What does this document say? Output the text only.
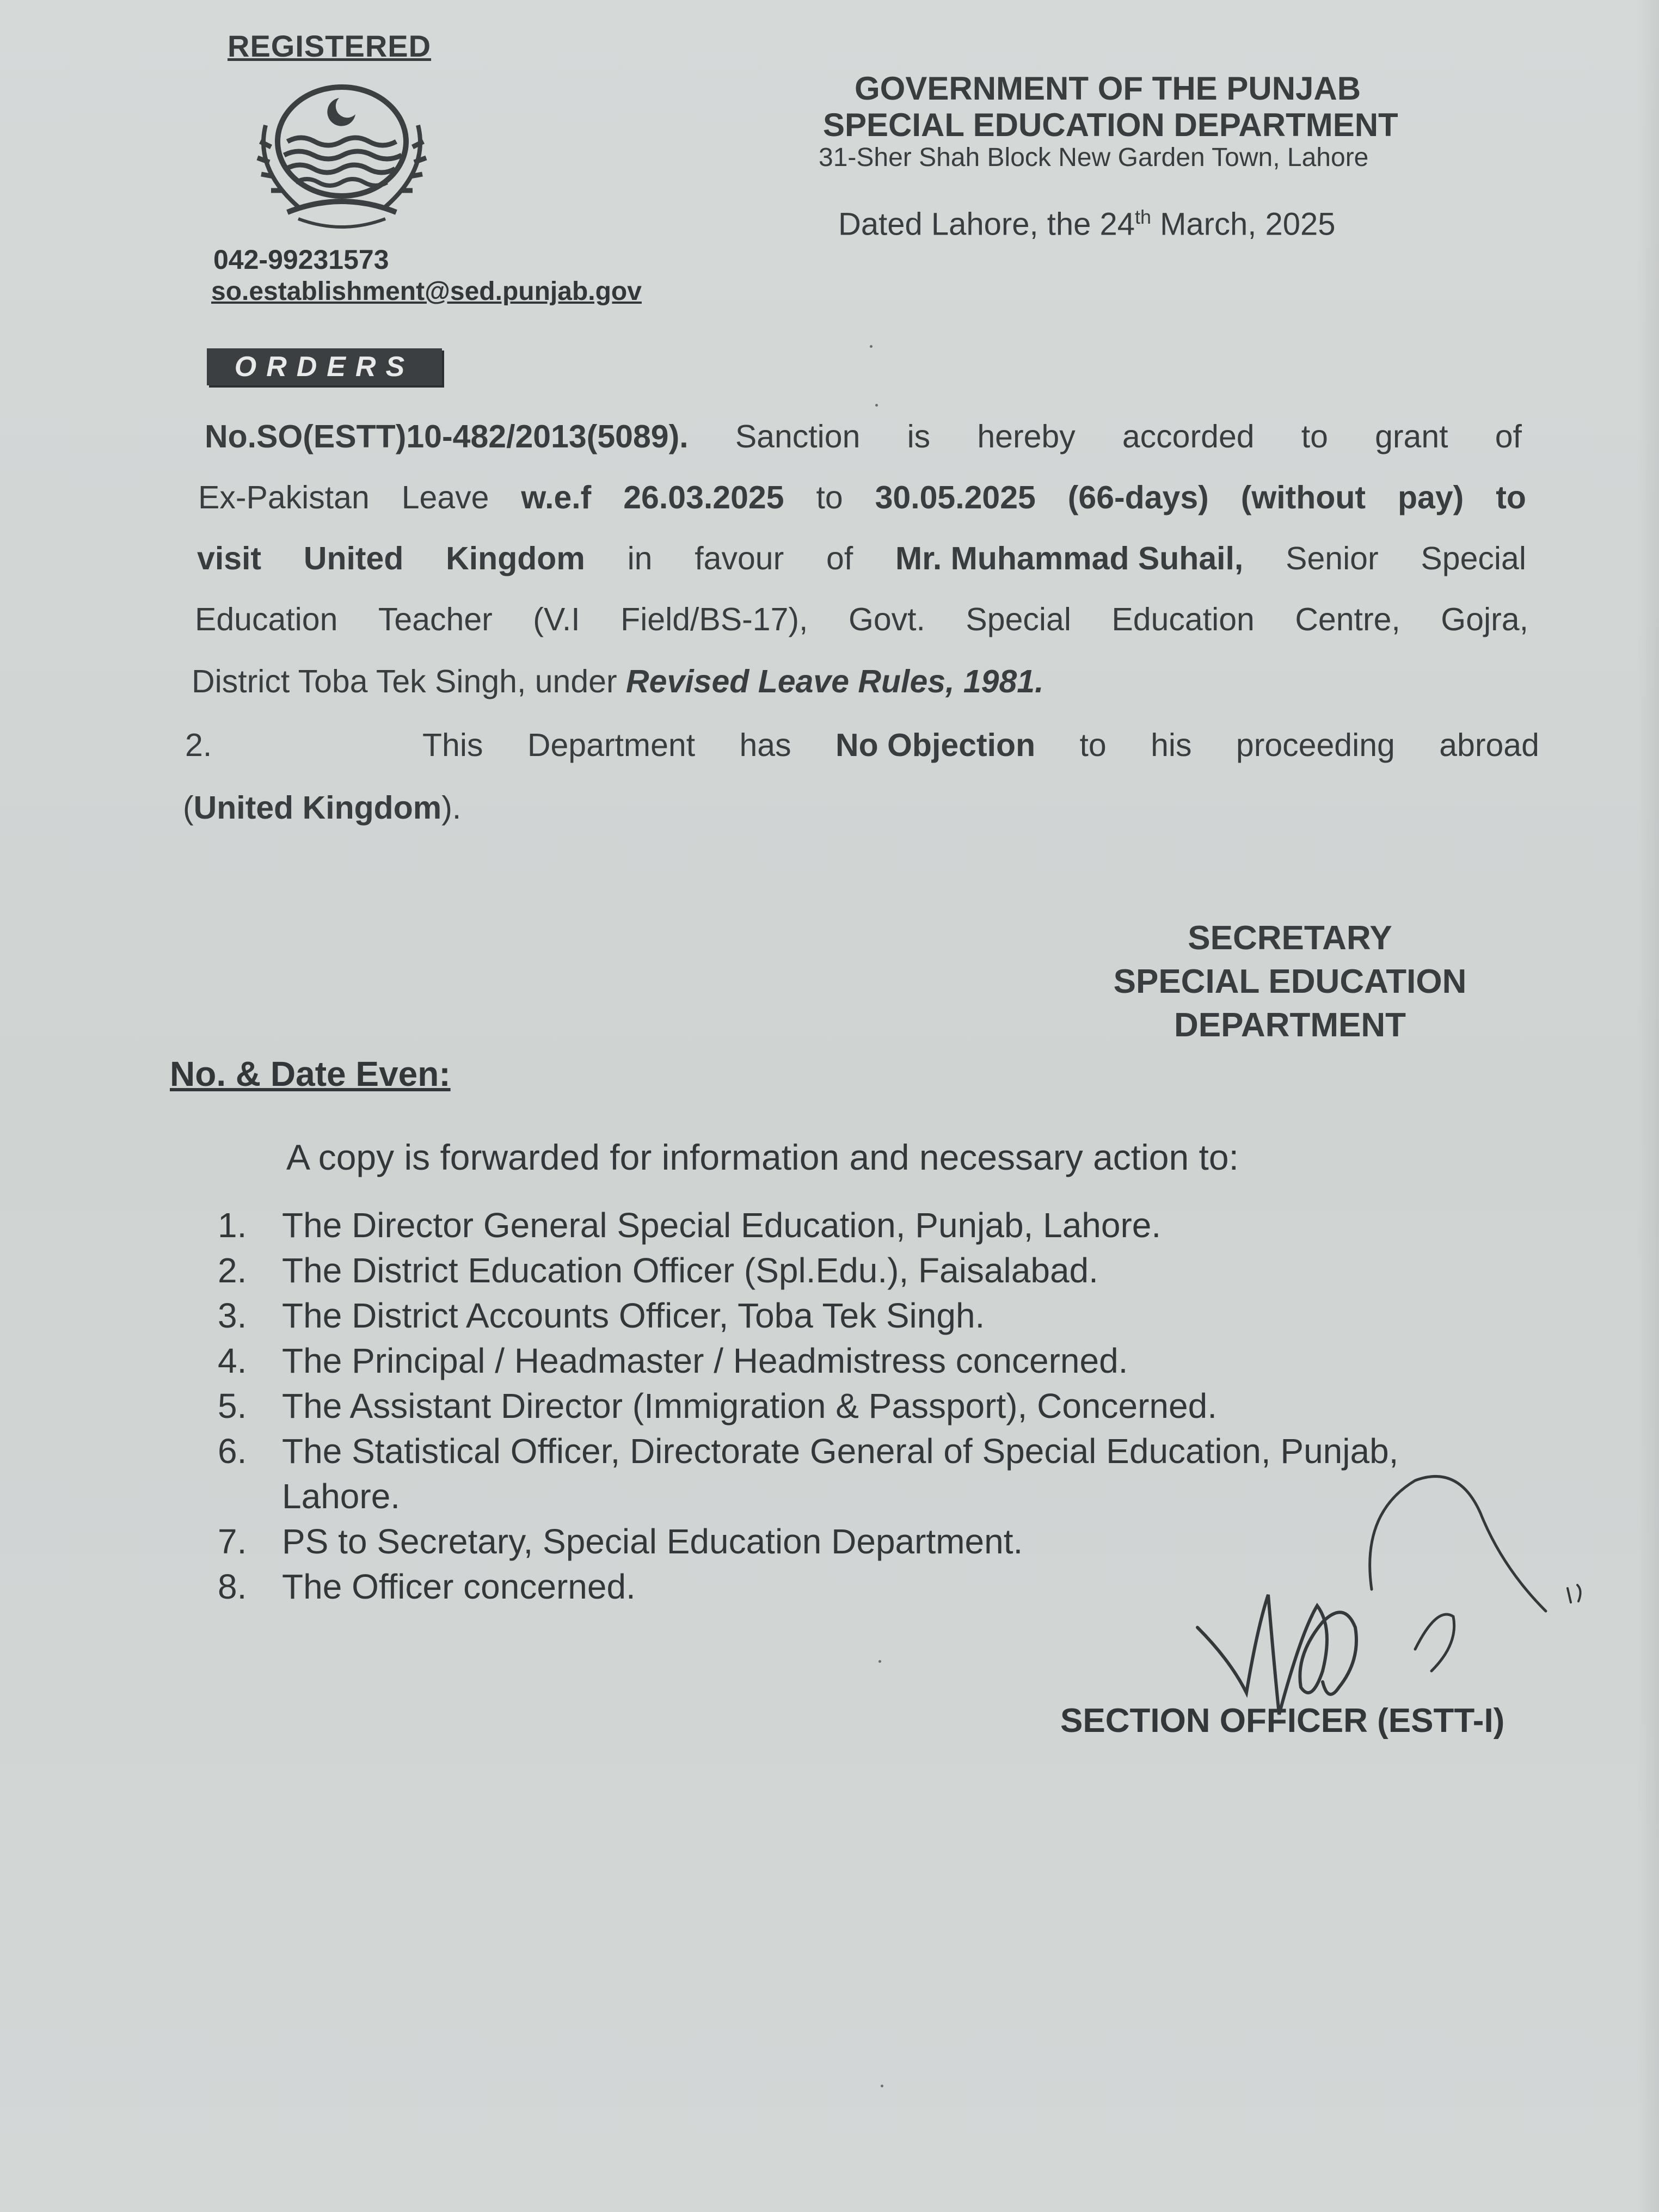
REGISTERED
042-99231573
so.establishment@sed.punjab.gov
GOVERNMENT OF THE PUNJAB
SPECIAL EDUCATION DEPARTMENT
31-Sher Shah Block New Garden Town, Lahore
Dated Lahore, the 24th March, 2025
ORDERS
No.SO(ESTT)10-482/2013(5089). Sanction is hereby accorded to grant of
Ex-Pakistan Leave w.e.f 26.03.2025 to 30.05.2025 (66-days) (without pay) to
visit United Kingdom in favour of Mr. Muhammad Suhail, Senior Special
Education Teacher (V.I Field/BS-17), Govt. Special Education Centre, Gojra,
District Toba Tek Singh, under Revised Leave Rules, 1981.
2.	This Department has No Objection to his proceeding abroad
(United Kingdom).
SECRETARY
SPECIAL EDUCATION
DEPARTMENT
No. & Date Even:
A copy is forwarded for information and necessary action to:
1.	The Director General Special Education, Punjab, Lahore.
2.	The District Education Officer (Spl.Edu.), Faisalabad.
3.	The District Accounts Officer, Toba Tek Singh.
4.	The Principal / Headmaster / Headmistress concerned.
5.	The Assistant Director (Immigration & Passport), Concerned.
6.	The Statistical Officer, Directorate General of Special Education, Punjab,
Lahore.
7.	PS to Secretary, Special Education Department.
8.	The Officer concerned.
SECTION OFFICER (ESTT-I)
